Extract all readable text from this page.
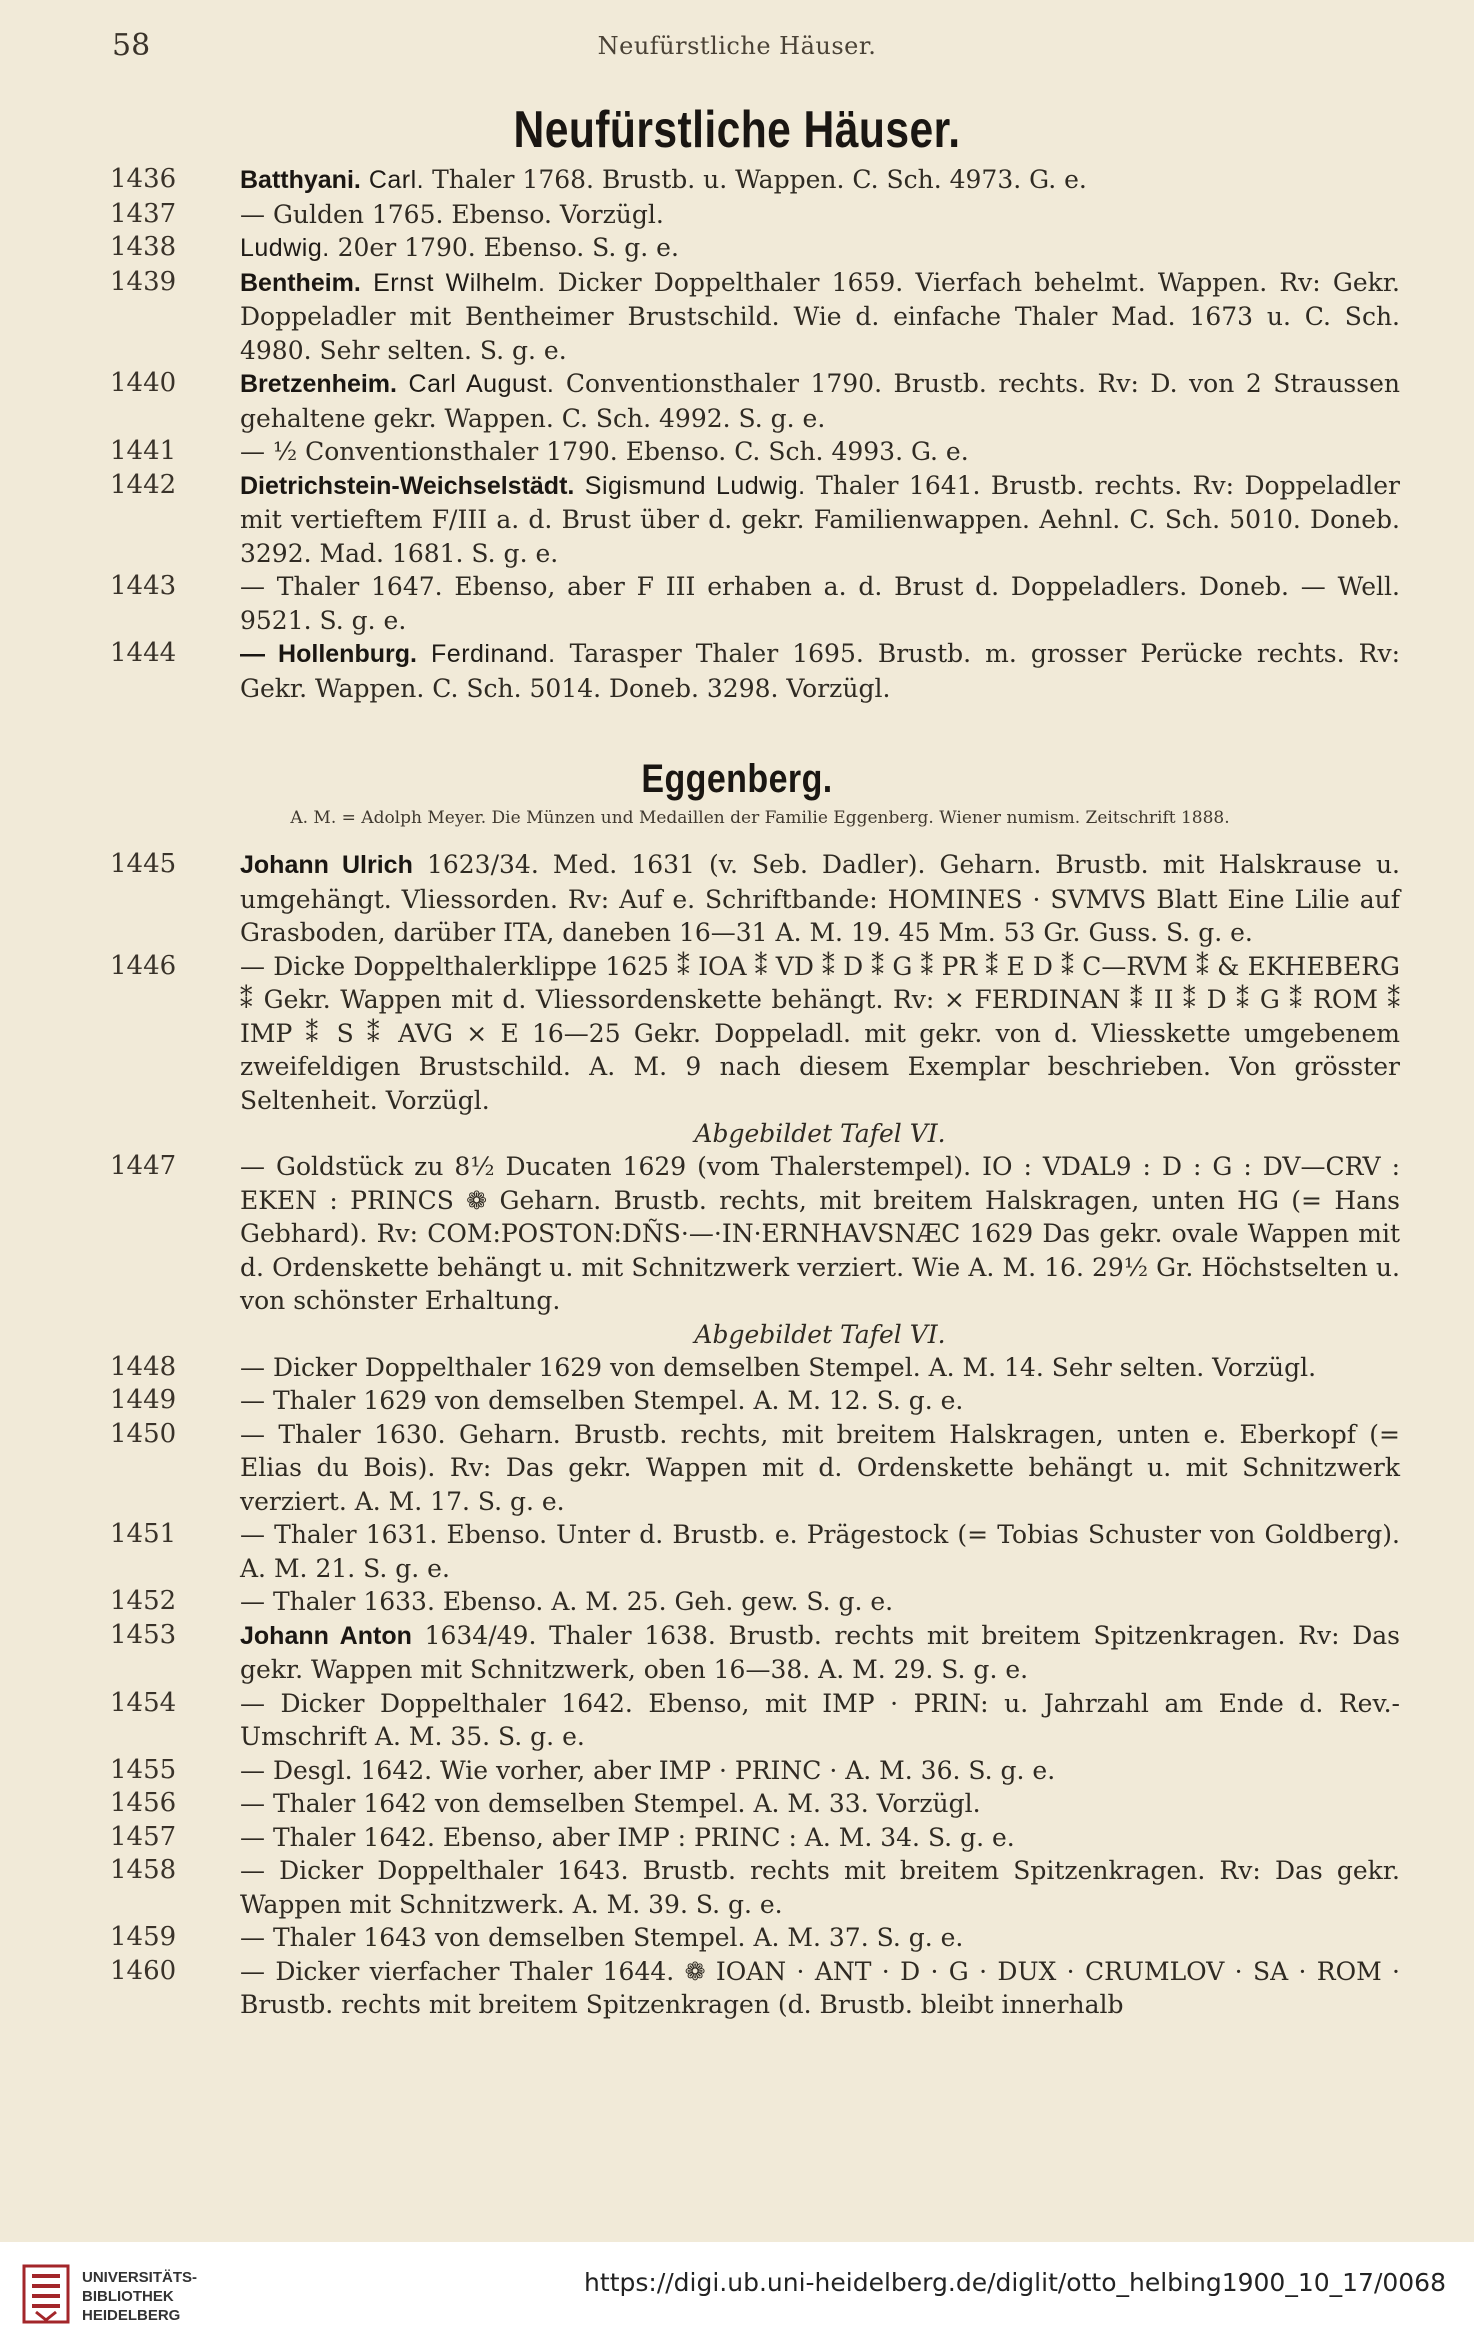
58	Neufürstliche Häuser.
Neufürstliche Häuser.
1436	Batthyani. Carl. Thaler 1768. Brustb. u. Wappen. C. Sch. 4973. G. e.
1437	— Gulden 1765. Ebenso. Vorzügl.
1438	Ludwig. 20er 1790. Ebenso. S. g. e.
1439	Bentheim. Ernst Wilhelm. Dicker Doppelthaler 1659. Vierfach behelmt. Wappen. Rv: Gekr. Doppeladler mit Bentheimer Brustschild. Wie d. einfache Thaler Mad. 1673 u. C. Sch. 4980. Sehr selten. S. g. e.
1440	Bretzenheim. Carl August. Conventionsthaler 1790. Brustb. rechts. Rv: D. von 2 Straussen gehaltene gekr. Wappen. C. Sch. 4992. S. g. e.
1441	— ½ Conventionsthaler 1790. Ebenso. C. Sch. 4993. G. e.
1442	Dietrichstein-Weichselstädt. Sigismund Ludwig. Thaler 1641. Brustb. rechts. Rv: Doppeladler mit vertieftem F/III a. d. Brust über d. gekr. Familienwappen. Aehnl. C. Sch. 5010. Doneb. 3292. Mad. 1681. S. g. e.
1443	— Thaler 1647. Ebenso, aber F III erhaben a. d. Brust d. Doppeladlers. Doneb. — Well. 9521. S. g. e.
1444	— Hollenburg. Ferdinand. Tarasper Thaler 1695. Brustb. m. grosser Perücke rechts. Rv: Gekr. Wappen. C. Sch. 5014. Doneb. 3298. Vorzügl.
Eggenberg.
A. M. = Adolph Meyer. Die Münzen und Medaillen der Familie Eggenberg. Wiener numism. Zeitschrift 1888.
1445	Johann Ulrich 1623/34. Med. 1631 (v. Seb. Dadler). Geharn. Brustb. mit Halskrause u. umgehängt. Vliessorden. Rv: Auf e. Schriftbande: HOMINES · SVMVS Blatt Eine Lilie auf Grasboden, darüber ITA, daneben 16—31 A. M. 19. 45 Mm. 53 Gr. Guss. S. g. e.
1446	— Dicke Doppelthalerklippe 1625 ⁑ IOA ⁑ VD ⁑ D ⁑ G ⁑ PR ⁑ E D ⁑ C—RVM ⁑ & EKHEBERG ⁑ Gekr. Wappen mit d. Vliessordenskette behängt. Rv: × FERDINAN ⁑ II ⁑ D ⁑ G ⁑ ROM ⁑ IMP ⁑ S ⁑ AVG × E 16—25 Gekr. Doppeladl. mit gekr. von d. Vliesskette umgebenem zweifeldigen Brustschild. A. M. 9 nach diesem Exemplar beschrieben. Von grösster Seltenheit. Vorzügl.
Abgebildet Tafel VI.
1447	— Goldstück zu 8½ Ducaten 1629 (vom Thalerstempel). IO : VDAL9 : D : G : DV—CRV : EKEN : PRINCS ❁ Geharn. Brustb. rechts, mit breitem Halskragen, unten HG (= Hans Gebhard). Rv: COM:POSTON:DÑS·—·IN·ERNHAVSNÆC 1629 Das gekr. ovale Wappen mit d. Ordenskette behängt u. mit Schnitzwerk verziert. Wie A. M. 16. 29½ Gr. Höchstselten u. von schönster Erhaltung.
Abgebildet Tafel VI.
1448	— Dicker Doppelthaler 1629 von demselben Stempel. A. M. 14. Sehr selten. Vorzügl.
1449	— Thaler 1629 von demselben Stempel. A. M. 12. S. g. e.
1450	— Thaler 1630. Geharn. Brustb. rechts, mit breitem Halskragen, unten e. Eberkopf (= Elias du Bois). Rv: Das gekr. Wappen mit d. Ordenskette behängt u. mit Schnitzwerk verziert. A. M. 17. S. g. e.
1451	— Thaler 1631. Ebenso. Unter d. Brustb. e. Prägestock (= Tobias Schuster von Goldberg). A. M. 21. S. g. e.
1452	— Thaler 1633. Ebenso. A. M. 25. Geh. gew. S. g. e.
1453	Johann Anton 1634/49. Thaler 1638. Brustb. rechts mit breitem Spitzenkragen. Rv: Das gekr. Wappen mit Schnitzwerk, oben 16—38. A. M. 29. S. g. e.
1454	— Dicker Doppelthaler 1642. Ebenso, mit IMP · PRIN: u. Jahrzahl am Ende d. Rev.-Umschrift A. M. 35. S. g. e.
1455	— Desgl. 1642. Wie vorher, aber IMP · PRINC · A. M. 36. S. g. e.
1456	— Thaler 1642 von demselben Stempel. A. M. 33. Vorzügl.
1457	— Thaler 1642. Ebenso, aber IMP : PRINC : A. M. 34. S. g. e.
1458	— Dicker Doppelthaler 1643. Brustb. rechts mit breitem Spitzenkragen. Rv: Das gekr. Wappen mit Schnitzwerk. A. M. 39. S. g. e.
1459	— Thaler 1643 von demselben Stempel. A. M. 37. S. g. e.
1460	— Dicker vierfacher Thaler 1644. ❁ IOAN · ANT · D · G · DUX · CRUMLOV · SA · ROM · Brustb. rechts mit breitem Spitzenkragen (d. Brustb. bleibt innerhalb
UNIVERSITÄTS-
BIBLIOTHEK
HEIDELBERG
https://digi.ub.uni-heidelberg.de/diglit/otto_helbing1900_10_17/0068
